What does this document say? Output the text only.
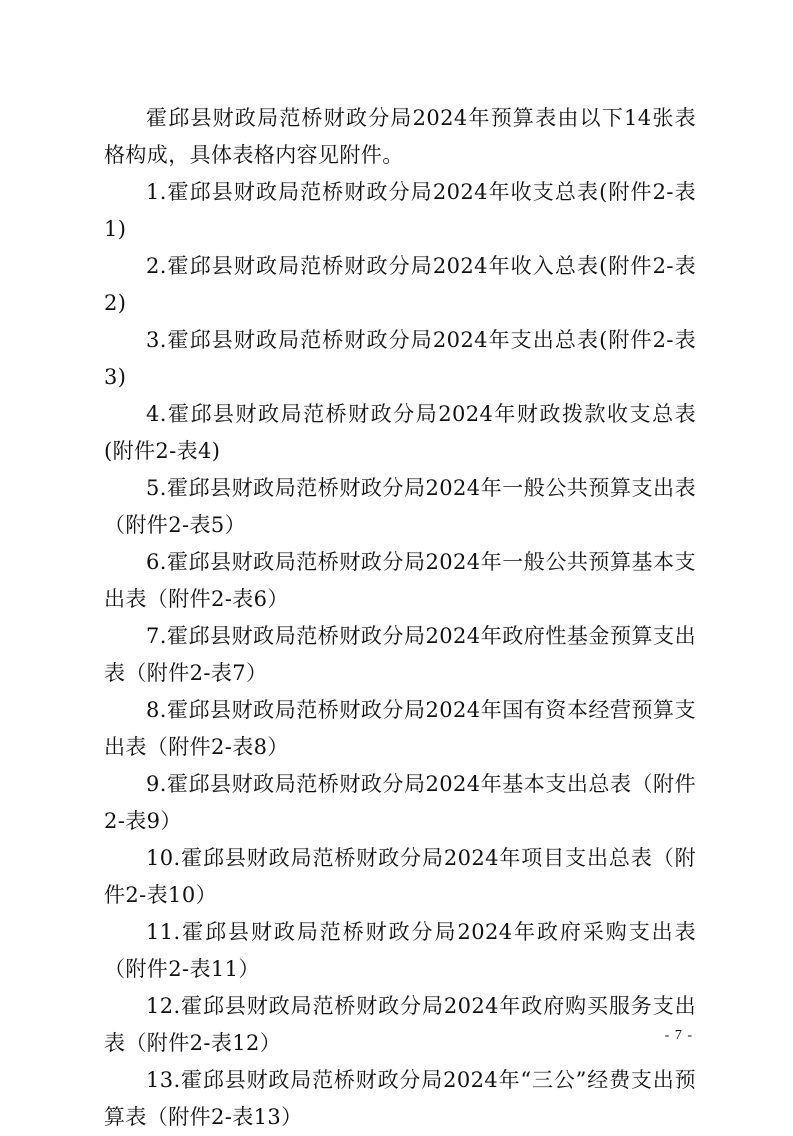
霍邱县财政局范桥财政分局2024年预算表由以下14张表格构成，具体表格内容见附件。

1.霍邱县财政局范桥财政分局2024年收支总表(附件2-表1)

2.霍邱县财政局范桥财政分局2024年收入总表(附件2-表2)

3.霍邱县财政局范桥财政分局2024年支出总表(附件2-表3)

4.霍邱县财政局范桥财政分局2024年财政拨款收支总表(附件2-表4)

5.霍邱县财政局范桥财政分局2024年一般公共预算支出表（附件2-表5）

6.霍邱县财政局范桥财政分局2024年一般公共预算基本支出表（附件2-表6）

7.霍邱县财政局范桥财政分局2024年政府性基金预算支出表（附件2-表7）

8.霍邱县财政局范桥财政分局2024年国有资本经营预算支出表（附件2-表8）

9.霍邱县财政局范桥财政分局2024年基本支出总表（附件2-表9）

10.霍邱县财政局范桥财政分局2024年项目支出总表（附件2-表10）

11.霍邱县财政局范桥财政分局2024年政府采购支出表（附件2-表11）

12.霍邱县财政局范桥财政分局2024年政府购买服务支出表（附件2-表12）

13.霍邱县财政局范桥财政分局2024年“三公”经费支出预算表（附件2-表13）

- 7 -
